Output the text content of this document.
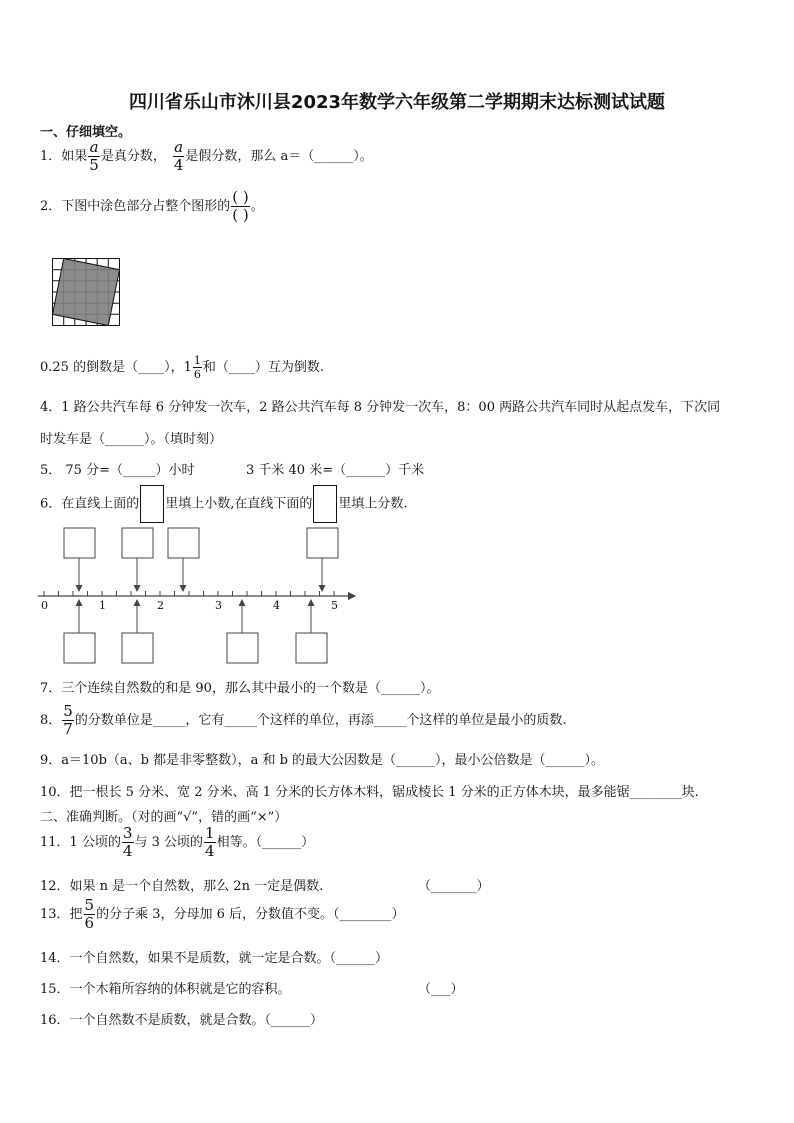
四川省乐山市沐川县2023年数学六年级第二学期期末达标测试试题
一、仔细填空。
1．如果 $\frac{a}{5}$ 是真分数， $\frac{a}{4}$ 是假分数，那么 a＝（______）。
2．下图中涂色部分占整个图形的 $\frac{( )}{( )}$ 。
0.25 的倒数是（____），$1 \frac{1}{6}$ 和（____）互为倒数.
4．1 路公共汽车每 6 分钟发一次车，2 路公共汽车每 8 分钟发一次车，8：00 两路公共汽车同时从起点发车，下次同
时发车是（______）。（填时刻）
5． 75 分=（_____）小时	3 千米 40 米=（______）千米
6．在直线上面的 里填上小数,在直线下面的 里填上分数.
0	1	2	3	4	5
7．三个连续自然数的和是 90，那么其中最小的一个数是（______）。
8． $\frac{5}{7}$ 的分数单位是_____，它有_____个这样的单位，再添_____个这样的单位是最小的质数.
9．a＝10b（a、b 都是非零整数），a 和 b 的最大公因数是（______），最小公倍数是（______）。
10．把一根长 5 分米、宽 2 分米、高 1 分米的长方体木料，锯成棱长 1 分米的正方体木块，最多能锯________块.
二、准确判断。（对的画“√”，错的画“×”）
11．1 公顷的 $\frac{3}{4}$ 与 3 公顷的 $\frac{1}{4}$ 相等。（______）
12．如果 n 是一个自然数，那么 2n 一定是偶数.	（_______）
13．把 $\frac{5}{6}$ 的分子乘 3，分母加 6 后，分数值不变。（________）
14．一个自然数，如果不是质数，就一定是合数。（______）
15．一个木箱所容纳的体积就是它的容积。	（___）
16．一个自然数不是质数，就是合数。（______）
